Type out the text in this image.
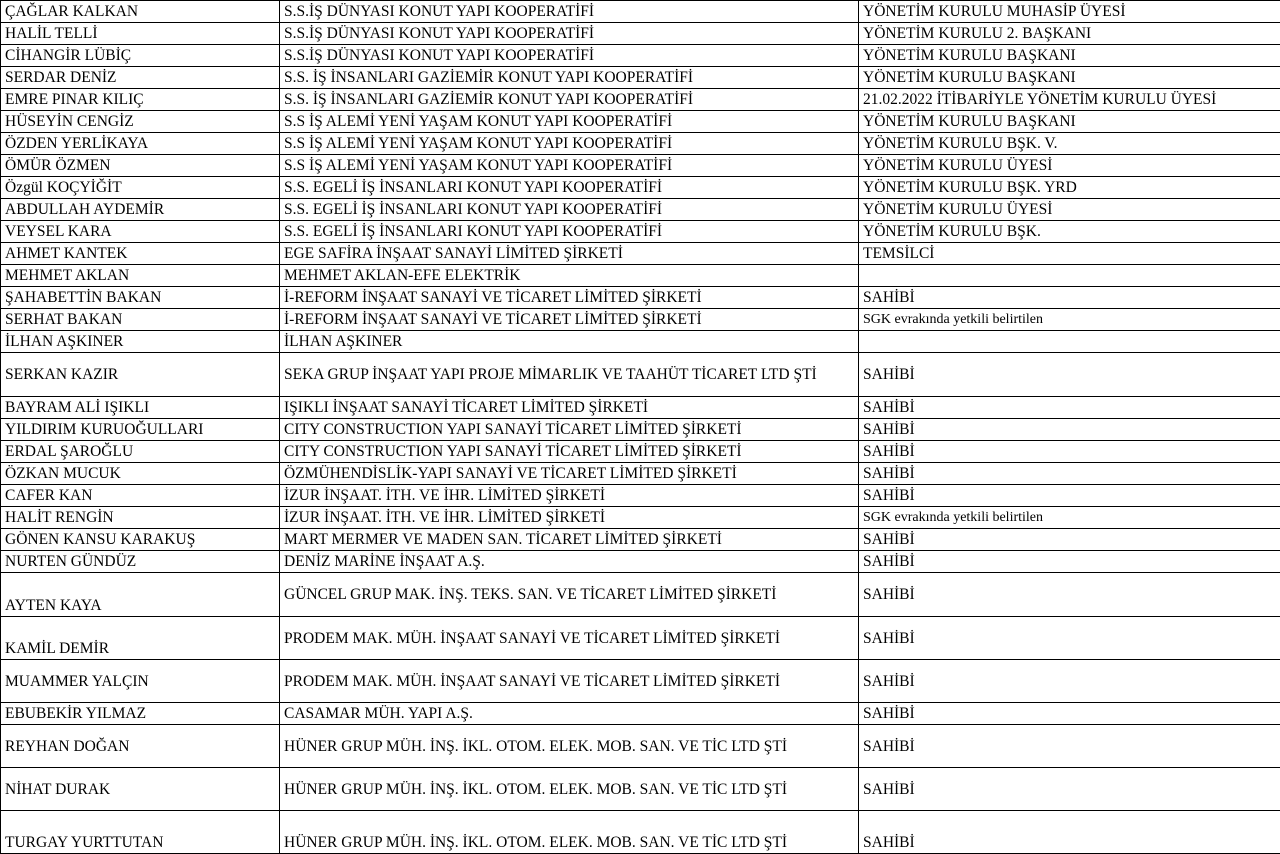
ÇAĞLAR KALKAN	S.S.İŞ DÜNYASI KONUT YAPI KOOPERATİFİ	YÖNETİM KURULU MUHASİP ÜYESİ
HALİL TELLİ	S.S.İŞ DÜNYASI KONUT YAPI KOOPERATİFİ	YÖNETİM KURULU 2. BAŞKANI
CİHANGİR LÜBİÇ	S.S.İŞ DÜNYASI KONUT YAPI KOOPERATİFİ	YÖNETİM KURULU BAŞKANI
SERDAR DENİZ	S.S. İŞ İNSANLARI GAZİEMİR KONUT YAPI KOOPERATİFİ	YÖNETİM KURULU BAŞKANI
EMRE PINAR KILIÇ	S.S. İŞ İNSANLARI GAZİEMİR KONUT YAPI KOOPERATİFİ	21.02.2022 İTİBARİYLE YÖNETİM KURULU ÜYESİ
HÜSEYİN CENGİZ	S.S İŞ ALEMİ YENİ YAŞAM KONUT YAPI KOOPERATİFİ	YÖNETİM KURULU BAŞKANI
ÖZDEN YERLİKAYA	S.S İŞ ALEMİ YENİ YAŞAM KONUT YAPI KOOPERATİFİ	YÖNETİM KURULU BŞK. V.
ÖMÜR ÖZMEN	S.S İŞ ALEMİ YENİ YAŞAM KONUT YAPI KOOPERATİFİ	YÖNETİM KURULU ÜYESİ
Özgül KOÇYİĞİT	S.S. EGELİ İŞ İNSANLARI KONUT YAPI KOOPERATİFİ	YÖNETİM KURULU BŞK. YRD
ABDULLAH AYDEMİR	S.S. EGELİ İŞ İNSANLARI KONUT YAPI KOOPERATİFİ	YÖNETİM KURULU ÜYESİ
VEYSEL KARA	S.S. EGELİ İŞ İNSANLARI KONUT YAPI KOOPERATİFİ	YÖNETİM KURULU BŞK.
AHMET KANTEK	EGE SAFİRA İNŞAAT SANAYİ LİMİTED ŞİRKETİ	TEMSİLCİ
MEHMET AKLAN	MEHMET AKLAN-EFE ELEKTRİK	
ŞAHABETTİN BAKAN	İ-REFORM İNŞAAT SANAYİ VE TİCARET LİMİTED ŞİRKETİ	SAHİBİ
SERHAT BAKAN	İ-REFORM İNŞAAT SANAYİ VE TİCARET LİMİTED ŞİRKETİ	SGK evrakında yetkili belirtilen
İLHAN AŞKINER	İLHAN AŞKINER	
SERKAN KAZIR	SEKA GRUP İNŞAAT YAPI PROJE MİMARLIK VE TAAHÜT TİCARET LTD ŞTİ	SAHİBİ
BAYRAM ALİ IŞIKLI	IŞIKLI İNŞAAT SANAYİ TİCARET LİMİTED ŞİRKETİ	SAHİBİ
YILDIRIM KURUOĞULLARI	CITY CONSTRUCTION YAPI SANAYİ TİCARET LİMİTED ŞİRKETİ	SAHİBİ
ERDAL ŞAROĞLU	CITY CONSTRUCTION YAPI SANAYİ TİCARET LİMİTED ŞİRKETİ	SAHİBİ
ÖZKAN MUCUK	ÖZMÜHENDİSLİK-YAPI SANAYİ VE TİCARET LİMİTED ŞİRKETİ	SAHİBİ
CAFER KAN	İZUR İNŞAAT. İTH. VE İHR. LİMİTED ŞİRKETİ	SAHİBİ
HALİT RENGİN	İZUR İNŞAAT. İTH. VE İHR. LİMİTED ŞİRKETİ	SGK evrakında yetkili belirtilen
GÖNEN KANSU KARAKUŞ	MART MERMER VE MADEN SAN. TİCARET LİMİTED ŞİRKETİ	SAHİBİ
NURTEN GÜNDÜZ	DENİZ MARİNE İNŞAAT A.Ş.	SAHİBİ
AYTEN KAYA	GÜNCEL GRUP MAK. İNŞ. TEKS. SAN. VE TİCARET LİMİTED ŞİRKETİ	SAHİBİ
KAMİL DEMİR	PRODEM MAK. MÜH. İNŞAAT SANAYİ VE TİCARET LİMİTED ŞİRKETİ	SAHİBİ
MUAMMER YALÇIN	PRODEM MAK. MÜH. İNŞAAT SANAYİ VE TİCARET LİMİTED ŞİRKETİ	SAHİBİ
EBUBEKİR YILMAZ	CASAMAR MÜH. YAPI A.Ş.	SAHİBİ
REYHAN DOĞAN	HÜNER GRUP MÜH. İNŞ. İKL. OTOM. ELEK. MOB. SAN. VE TİC LTD ŞTİ	SAHİBİ
NİHAT DURAK	HÜNER GRUP MÜH. İNŞ. İKL. OTOM. ELEK. MOB. SAN. VE TİC LTD ŞTİ	SAHİBİ
TURGAY YURTTUTAN	HÜNER GRUP MÜH. İNŞ. İKL. OTOM. ELEK. MOB. SAN. VE TİC LTD ŞTİ	SAHİBİ
